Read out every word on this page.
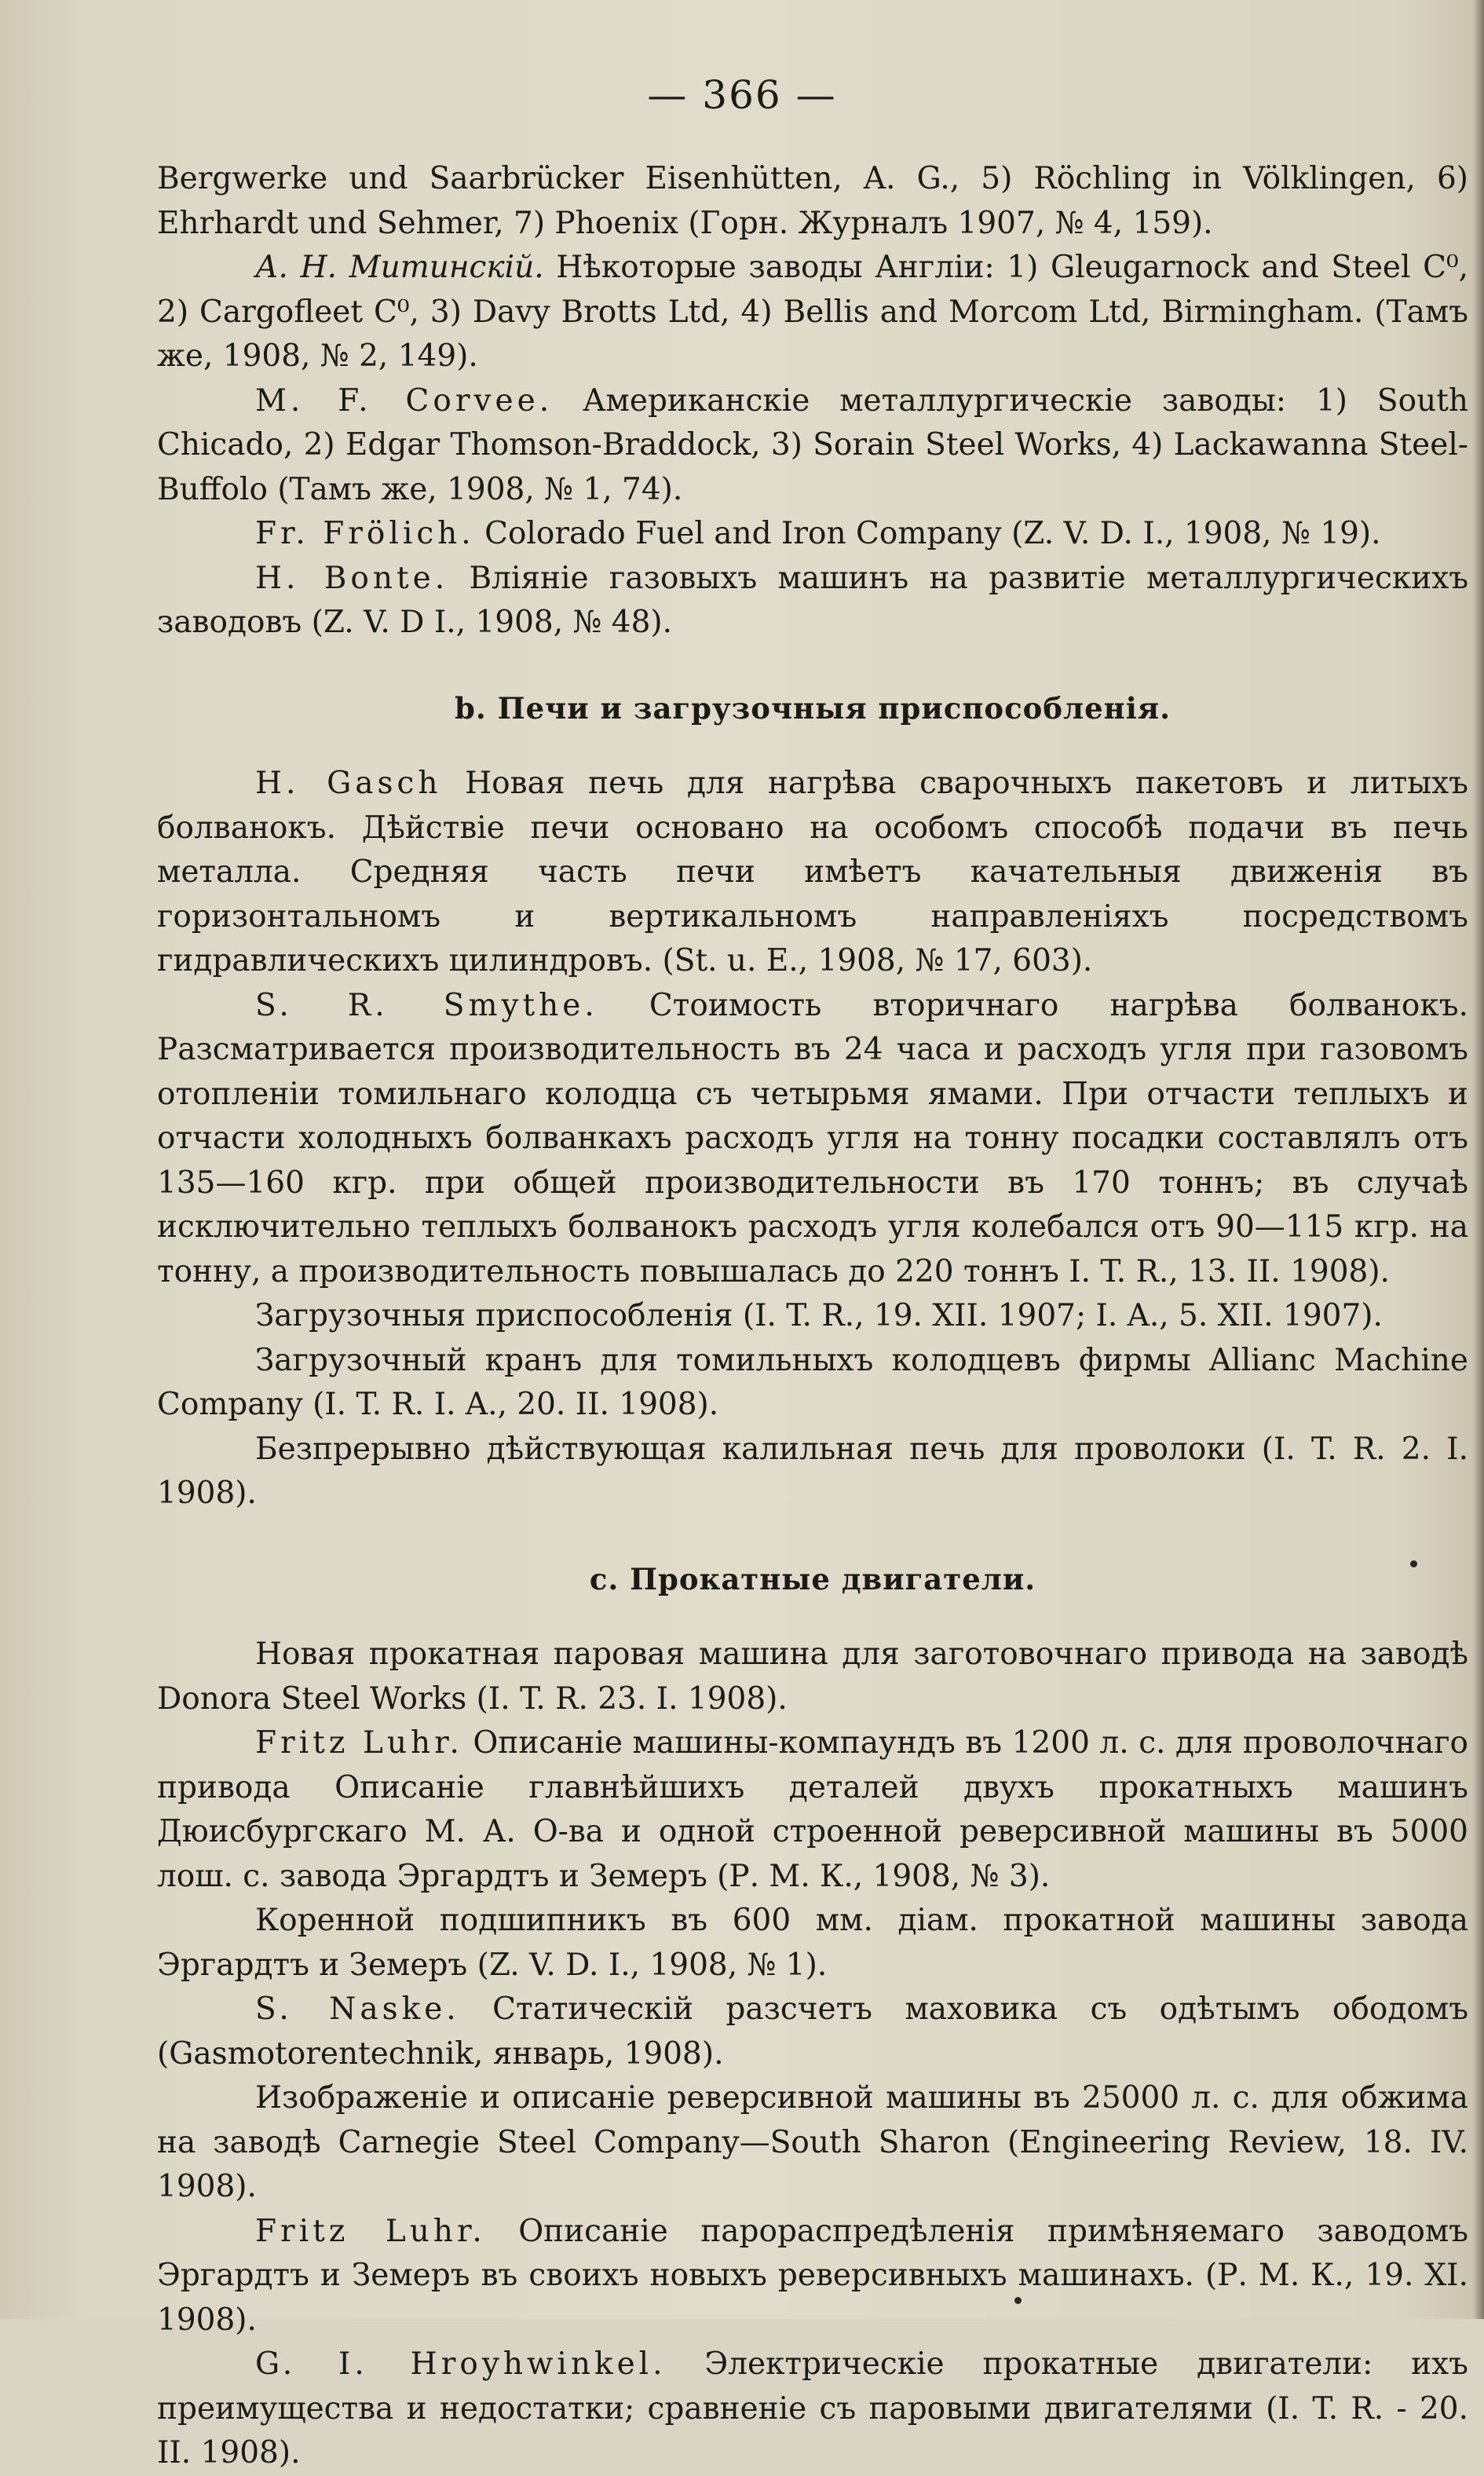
— 366 —

Bergwerke und Saarbrücker Eisenhütten, A. G., 5) Röchling in Völklingen, 6) Ehrhardt und Sehmer, 7) Phoenix (Горн. Журналъ 1907, № 4, 159).

А. Н. Митинскій. Нѣкоторые заводы Англіи: 1) Gleugarnock and Steel C⁰, 2) Cargofleet C⁰, 3) Davy Brotts Ltd, 4) Bellis and Morcom Ltd, Birmingham. (Тамъ же, 1908, № 2, 149).

M. F. Corvee. Американскіе металлургическіе заводы: 1) South Chicado, 2) Edgar Thomson-Braddock, 3) Sorain Steel Works, 4) Lackawanna Steel-Buffolo (Тамъ же, 1908, № 1, 74).

Fr. Frölich. Colorado Fuel and Iron Company (Z. V. D. I., 1908, № 19).

H. Bonte. Вліяніе газовыхъ машинъ на развитіе металлургическихъ заводовъ (Z. V. D I., 1908, № 48).

b. Печи и загрузочныя приспособленія.

H. Gasch Новая печь для нагрѣва сварочныхъ пакетовъ и литыхъ болванокъ. Дѣйствіе печи основано на особомъ способѣ подачи въ печь металла. Средняя часть печи имѣетъ качательныя движенія въ горизонтальномъ и вертикальномъ направленіяхъ посредствомъ гидравлическихъ цилиндровъ. (St. u. E., 1908, № 17, 603).

S. R. Smythe. Стоимость вторичнаго нагрѣва болванокъ. Разсматривается производительность въ 24 часа и расходъ угля при газовомъ отопленіи томильнаго колодца съ четырьмя ямами. При отчасти теплыхъ и отчасти холодныхъ болванкахъ расходъ угля на тонну посадки составлялъ отъ 135—160 кгр. при общей производительности въ 170 тоннъ; въ случаѣ исключительно теплыхъ болванокъ расходъ угля колебался отъ 90—115 кгр. на тонну, а производительность повышалась до 220 тоннъ I. T. R., 13. II. 1908).

Загрузочныя приспособленія (I. T. R., 19. XII. 1907; I. A., 5. XII. 1907).

Загрузочный кранъ для томильныхъ колодцевъ фирмы Allianc Machine Company (I. T. R. I. A., 20. II. 1908).

Безпрерывно дѣйствующая калильная печь для проволоки (I. T. R. 2. I. 1908).

c. Прокатные двигатели.

Новая прокатная паровая машина для заготовочнаго привода на заводѣ Donora Steel Works (I. T. R. 23. I. 1908).

Fritz Luhr. Описаніе машины-компаундъ въ 1200 л. с. для проволочнаго привода Описаніе главнѣйшихъ деталей двухъ прокатныхъ машинъ Дюисбургскаго М. А. О-ва и одной строенной реверсивной машины въ 5000 лош. с. завода Эргардтъ и Земеръ (Р. М. К., 1908, № 3).

Коренной подшипникъ въ 600 мм. діам. прокатной машины завода Эргардтъ и Земеръ (Z. V. D. I., 1908, № 1).

S. Naske. Статическій разсчетъ маховика съ одѣтымъ ободомъ (Gasmotorentechnik, январь, 1908).

Изображеніе и описаніе реверсивной машины въ 25000 л. с. для обжима на заводѣ Carnegie Steel Company—South Sharon (Engineering Review, 18. IV. 1908).

Fritz Luhr. Описаніе парораспредѣленія примѣняемаго заводомъ Эргардтъ и Земеръ въ своихъ новыхъ реверсивныхъ машинахъ. (Р. М. К., 19. XI. 1908).

G. I. Hroyhwinkel. Электрическіе прокатные двигатели: ихъ преимущества и недостатки; сравненіе съ паровыми двигателями (I. T. R. - 20. II. 1908).
